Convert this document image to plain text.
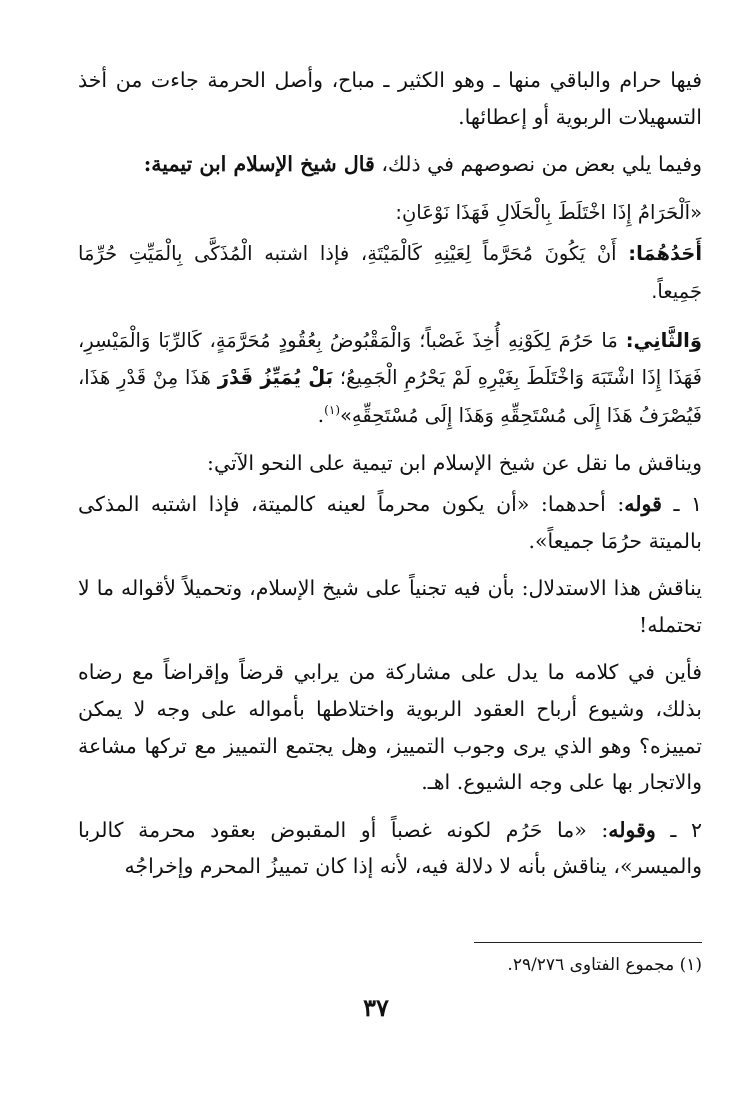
فيها حرام والباقي منها ـ وهو الكثير ـ مباح، وأصل الحرمة جاءت من أخذ التسهيلات الربوية أو إعطائها.

وفيما يلي بعض من نصوصهم في ذلك، قال شيخ الإسلام ابن تيمية:

«اَلْحَرَامُ إِذَا اخْتَلَطَ بِالْحَلَالِ فَهَذَا نَوْعَانِ:

أَحَدُهُمَا: أَنْ يَكُونَ مُحَرَّماً لِعَيْنِهِ كَالْمَيْتَةِ، فإذا اشتبه الْمُذَكَّى بِالْمَيِّتِ حُرِّمَا جَمِيعاً.

وَالثَّانِي: مَا حَرُمَ لِكَوْنِهِ أُخِذَ غَصْباً؛ وَالْمَقْبُوضُ بِعُقُودٍ مُحَرَّمَةٍ، كَالرِّبَا وَالْمَيْسِرِ، فَهَذَا إِذَا اشْتَبَهَ وَاخْتَلَطَ بِغَيْرِهِ لَمْ يَحْرُمِ الْجَمِيعُ؛ بَلْ يُمَيِّزُ قَدْرَ هَذَا مِنْ قَدْرِ هَذَا، فَيُصْرَفُ هَذَا إِلَى مُسْتَحِقِّهِ وَهَذَا إِلَى مُسْتَحِقِّهِ»$^{(١)}$.

ويناقش ما نقل عن شيخ الإسلام ابن تيمية على النحو الآتي:

١ ـ قوله: أحدهما: «أن يكون محرماً لعينه كالميتة، فإذا اشتبه المذكى بالميتة حرُمَا جميعاً».

يناقش هذا الاستدلال: بأن فيه تجنياً على شيخ الإسلام، وتحميلاً لأقواله ما لا تحتمله!

فأين في كلامه ما يدل على مشاركة من يرابي قرضاً وإقراضاً مع رضاه بذلك، وشيوع أرباح العقود الربوية واختلاطها بأمواله على وجه لا يمكن تمييزه؟ وهو الذي يرى وجوب التمييز، وهل يجتمع التمييز مع تركها مشاعة والاتجار بها على وجه الشيوع. اهـ.

٢ ـ وقوله: «ما حَرُم لكونه غصباً أو المقبوض بعقود محرمة كالربا والميسر»، يناقش بأنه لا دلالة فيه، لأنه إذا كان تمييزُ المحرم وإخراجُه

(١) مجموع الفتاوى ٢٩/٢٧٦.
٣٧
